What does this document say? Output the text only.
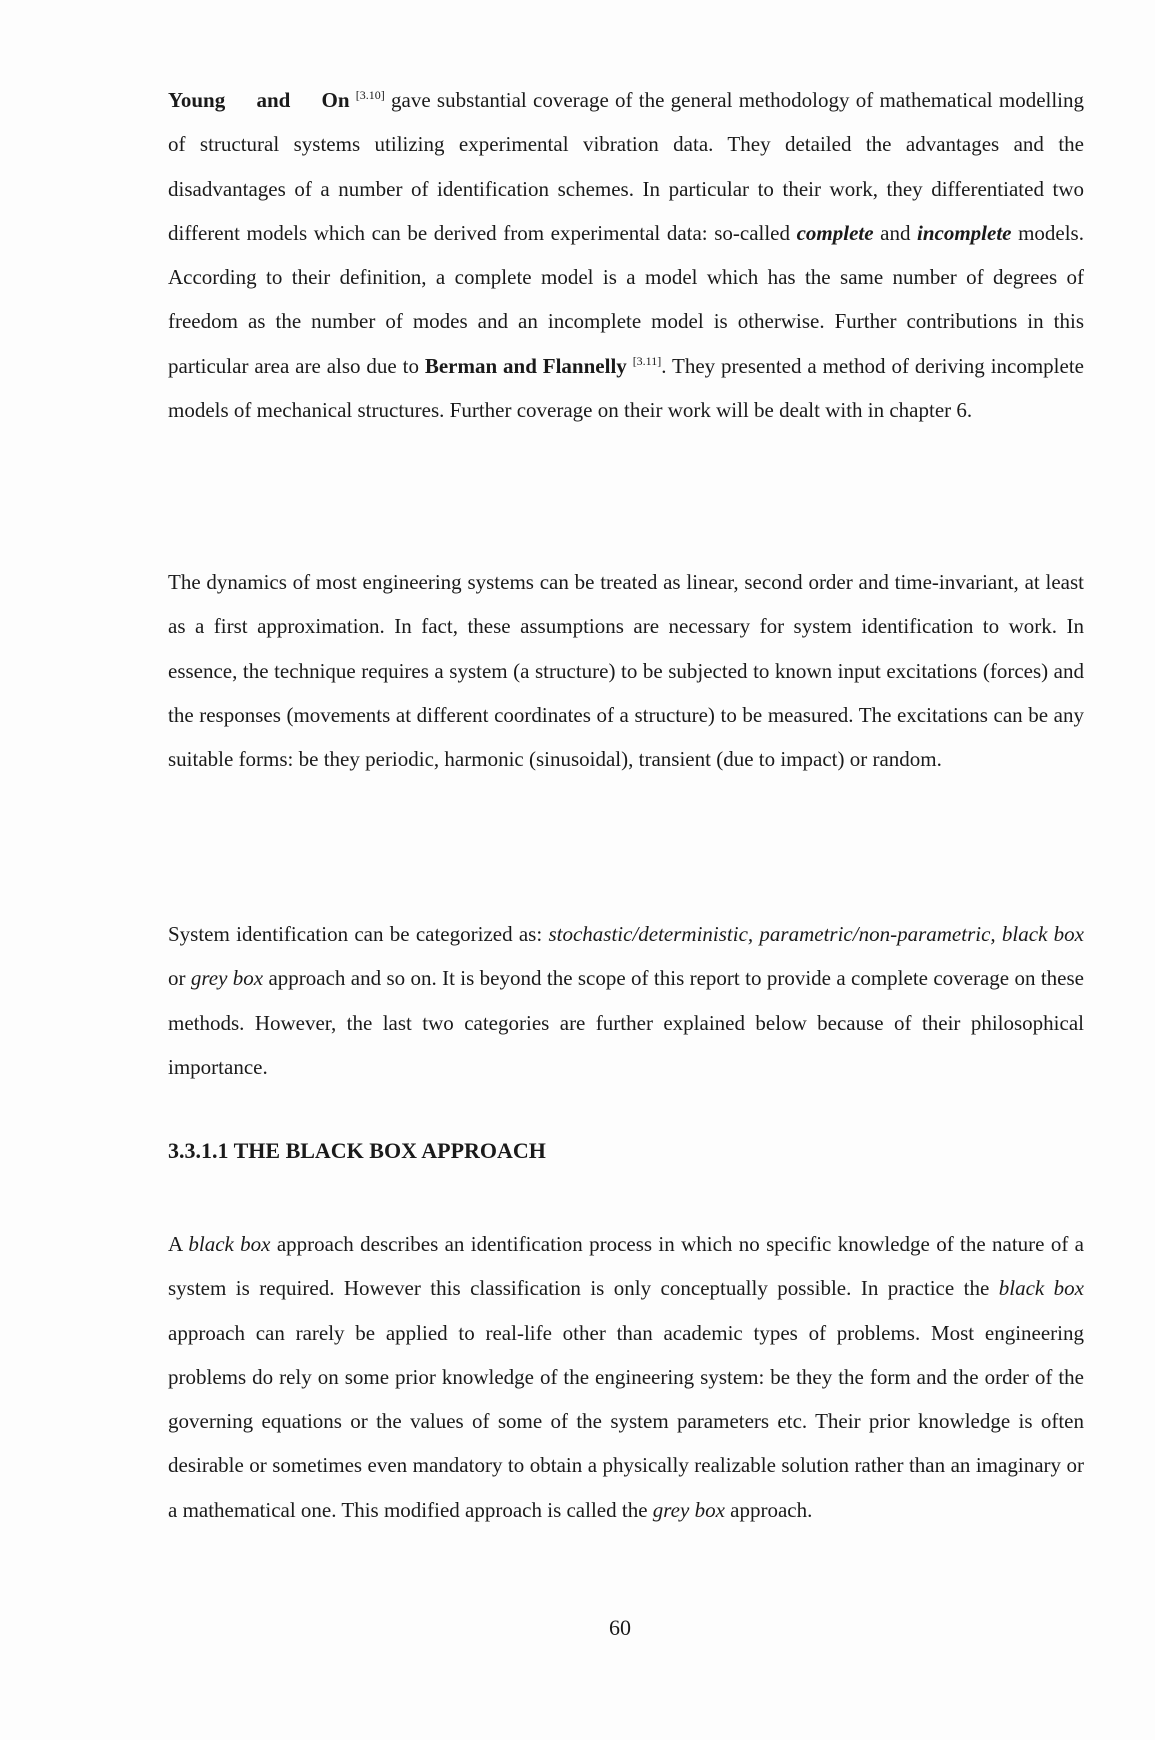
Young and On [3.10] gave substantial coverage of the general methodology of mathematical modelling of structural systems utilizing experimental vibration data. They detailed the advantages and the disadvantages of a number of identification schemes. In particular to their work, they differentiated two different models which can be derived from experimental data: so-called complete and incomplete models. According to their definition, a complete model is a model which has the same number of degrees of freedom as the number of modes and an incomplete model is otherwise. Further contributions in this particular area are also due to Berman and Flannelly [3.11]. They presented a method of deriving incomplete models of mechanical structures. Further coverage on their work will be dealt with in chapter 6.

The dynamics of most engineering systems can be treated as linear, second order and time-invariant, at least as a first approximation. In fact, these assumptions are necessary for system identification to work. In essence, the technique requires a system (a structure) to be subjected to known input excitations (forces) and the responses (movements at different coordinates of a structure) to be measured. The excitations can be any suitable forms: be they periodic, harmonic (sinusoidal), transient (due to impact) or random.

System identification can be categorized as: stochastic/deterministic, parametric/non-parametric, black box or grey box approach and so on. It is beyond the scope of this report to provide a complete coverage on these methods. However, the last two categories are further explained below because of their philosophical importance.

3.3.1.1 THE BLACK BOX APPROACH

A black box approach describes an identification process in which no specific knowledge of the nature of a system is required. However this classification is only conceptually possible. In practice the black box approach can rarely be applied to real-life other than academic types of problems. Most engineering problems do rely on some prior knowledge of the engineering system: be they the form and the order of the governing equations or the values of some of the system parameters etc. Their prior knowledge is often desirable or sometimes even mandatory to obtain a physically realizable solution rather than an imaginary or a mathematical one. This modified approach is called the grey box approach.

60
